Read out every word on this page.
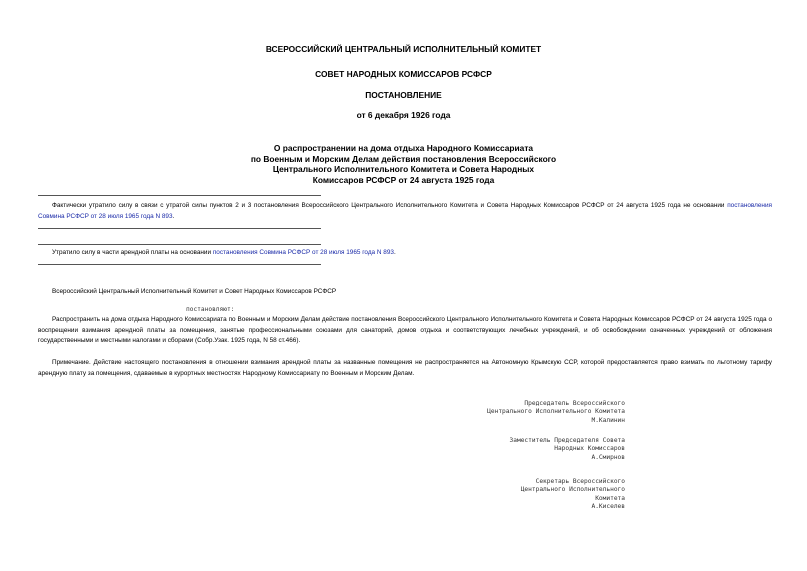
ВСЕРОССИЙСКИЙ ЦЕНТРАЛЬНЫЙ ИСПОЛНИТЕЛЬНЫЙ КОМИТЕТ

СОВЕТ НАРОДНЫХ КОМИССАРОВ РСФСР

ПОСТАНОВЛЕНИЕ

от 6 декабря 1926 года

О распространении на дома отдыха Народного Комиссариата
по Военным и Морским Делам действия постановления Всероссийского
Центрального Исполнительного Комитета и Совета Народных
Комиссаров РСФСР от 24 августа 1925 года

Фактически утратило силу в связи с утратой силы пунктов 2 и 3 постановления Всероссийского Центрального Исполнительного Комитета и Совета Народных Комиссаров РСФСР от 24 августа 1925 года не основании постановления Совмина РСФСР от 28 июля 1965 года N 893.

Утратило силу в части арендной платы на основании постановления Совмина РСФСР от 28 июля 1965 года N 893.

Всероссийский Центральный Исполнительный Комитет и Совет Народных Комиссаров РСФСР

постановляют:

Распространить на дома отдыха Народного Комиссариата по Военным и Морским Делам действие постановления Всероссийского Центрального Исполнительного Комитета и Совета Народных Комиссаров РСФСР от 24 августа 1925 года о воспрещении взимания арендной платы за помещения, занятые профессиональными союзами для санаторий, домов отдыха и соответствующих лечебных учреждений, и об освобождении означенных учреждений от обложения государственными и местными налогами и сборами (Собр.Узак. 1925 года, N 58 ст.466).

Примечание. Действие настоящего постановления в отношении взимания арендной платы за названные помещения не распространяется на Автономную Крымскую ССР, которой предоставляется право взимать по льготному тарифу арендную плату за помещения, сдаваемые в курортных местностях Народному Комиссариату по Военным и Морским Делам.

Председатель Всероссийского
Центрального Исполнительного Комитета
М.Калинин
Заместитель Председателя Совета
Народных Комиссаров
А.Смирнов
Секретарь Всероссийского
Центрального Исполнительного
Комитета
А.Киселев
